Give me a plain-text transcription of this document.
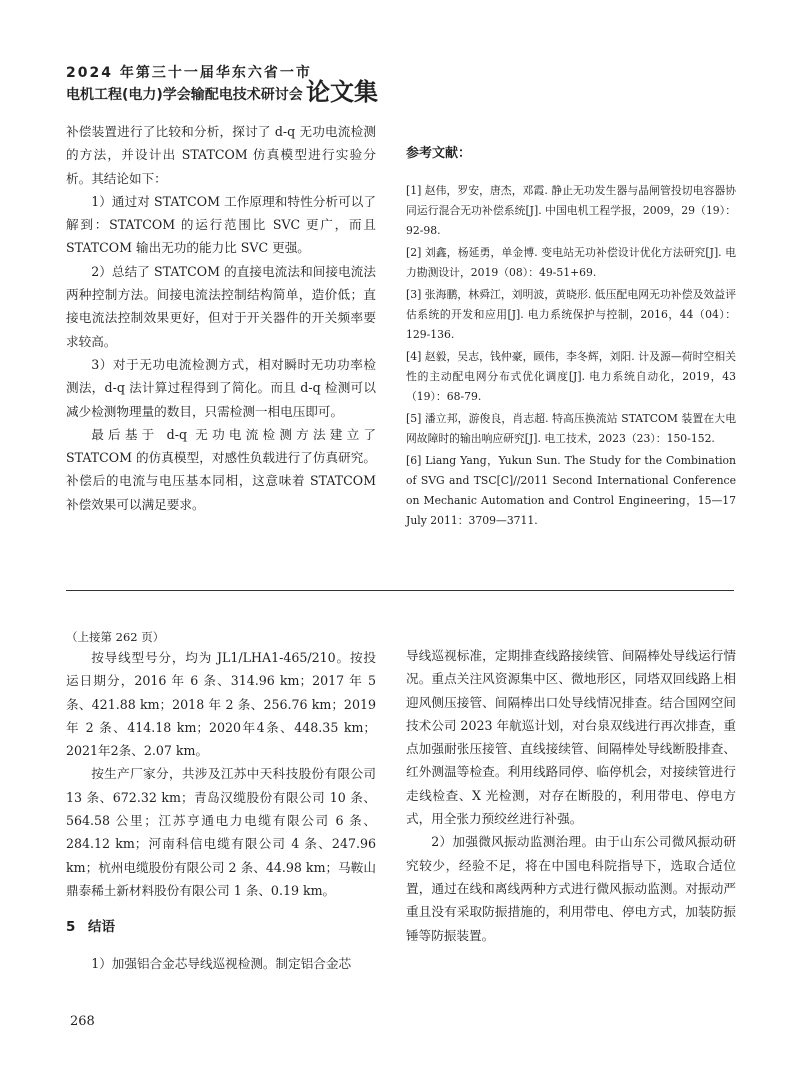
2024 年第三十一届华东六省一市
电机工程(电力)学会输配电技术研讨会 论文集

补偿装置进行了比较和分析，探讨了 d-q 无功电流检测的方法，并设计出 STATCOM 仿真模型进行实验分析。其结论如下：

1）通过对 STATCOM 工作原理和特性分析可以了解到：STATCOM 的运行范围比 SVC 更广，而且 STATCOM 输出无功的能力比 SVC 更强。

2）总结了 STATCOM 的直接电流法和间接电流法两种控制方法。间接电流法控制结构简单，造价低；直接电流法控制效果更好，但对于开关器件的开关频率要求较高。

3）对于无功电流检测方式，相对瞬时无功功率检测法，d-q 法计算过程得到了简化。而且 d-q 检测可以减少检测物理量的数目，只需检测一相电压即可。

最后基于 d-q 无功电流检测方法建立了 STATCOM 的仿真模型，对感性负载进行了仿真研究。补偿后的电流与电压基本同相，这意味着 STATCOM 补偿效果可以满足要求。

参考文献：
[1] 赵伟，罗安，唐杰，邓霞. 静止无功发生器与晶闸管投切电容器协同运行混合无功补偿系统[J]. 中国电机工程学报，2009，29（19）：92-98.
[2] 刘鑫，杨延勇，单金博. 变电站无功补偿设计优化方法研究[J]. 电力勘测设计，2019（08）：49-51+69.
[3] 张海鹏，林舜江，刘明波，黄晓形. 低压配电网无功补偿及效益评估系统的开发和应用[J]. 电力系统保护与控制，2016，44（04）：129-136.
[4] 赵毅，吴志，钱仲豪，顾伟，李冬辉，刘阳. 计及源—荷时空相关性的主动配电网分布式优化调度[J]. 电力系统自动化，2019，43（19）：68-79.
[5] 潘立邦，游俊良，肖志超. 特高压换流站 STATCOM 装置在大电网故障时的输出响应研究[J]. 电工技术，2023（23）：150-152.
[6] Liang Yang，Yukun Sun. The Study for the Combination of SVG and TSC[C]//2011 Second International Conference on Mechanic Automation and Control Engineering，15—17 July 2011：3709—3711.
（上接第 262 页）

按导线型号分，均为 JL1/LHA1-465/210。按投运日期分，2016 年 6 条、314.96 km；2017 年 5 条、421.88 km；2018 年 2 条、256.76 km；2019 年 2 条、414.18 km；2020年4条、448.35 km；2021年2条、2.07 km。

按生产厂家分，共涉及江苏中天科技股份有限公司 13 条、672.32 km；青岛汉缆股份有限公司 10 条、564.58 公里；江苏亨通电力电缆有限公司 6 条、284.12 km；河南科信电缆有限公司 4 条、247.96 km；杭州电缆股份有限公司 2 条、44.98 km；马鞍山鼎泰稀土新材料股份有限公司 1 条、0.19 km。

5 结语

1）加强铝合金芯导线巡视检测。制定铝合金芯

导线巡视标准，定期排查线路接续管、间隔棒处导线运行情况。重点关注风资源集中区、微地形区，同塔双回线路上相迎风侧压接管、间隔棒出口处导线情况排查。结合国网空间技术公司 2023 年航巡计划，对台泉双线进行再次排查，重点加强耐张压接管、直线接续管、间隔棒处导线断股排查、红外测温等检查。利用线路同停、临停机会，对接续管进行走线检查、X 光检测，对存在断股的，利用带电、停电方式，用全张力预绞丝进行补强。

2）加强微风振动监测治理。由于山东公司微风振动研究较少，经验不足，将在中国电科院指导下，选取合适位置，通过在线和离线两种方式进行微风振动监测。对振动严重且没有采取防振措施的，利用带电、停电方式，加装防振锤等防振装置。

268
